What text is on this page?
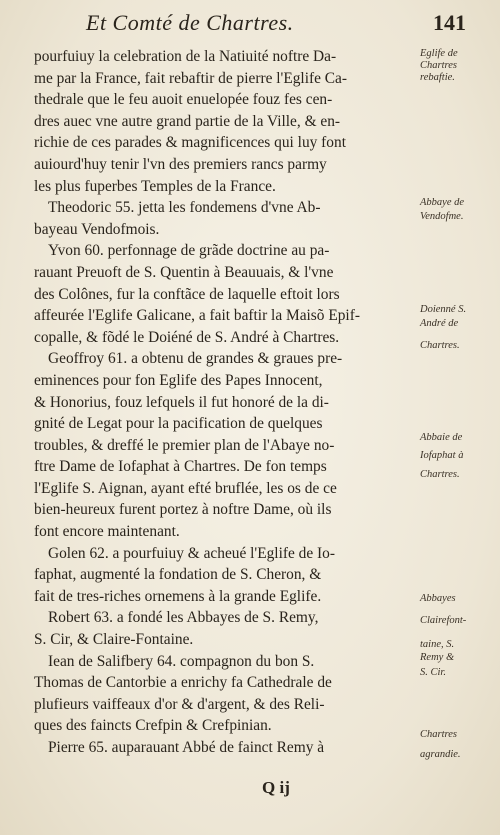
Et Comté de Chartres.	141
pourfuiuy la celebration de la Natiuité noftre Da-
me par la France, fait rebaftir de pierre l'Eglife Ca-
thedrale que le feu auoit enuelopée fouz fes cen-
dres auec vne autre grand partie de la Ville, & en-
richie de ces parades & magnificences qui luy font
auiourd'huy tenir l'vn des premiers rancs parmy
les plus fuperbes Temples de la France.
Theodoric 55. jetta les fondemens d'vne Ab-
bayeau Vendofmois.
Yvon 60. perfonnage de grãde doctrine au pa-
rauant Preuoft de S. Quentin à Beauuais, & l'vne
des Colônes, fur la conftãce de laquelle eftoit lors
affeurée l'Eglife Galicane, a fait baftir la Maisõ Epif-
copalle, & fõdé le Doiéné de S. André à Chartres.
Geoffroy 61. a obtenu de grandes & graues pre-
eminences pour fon Eglife des Papes Innocent,
& Honorius, fouz lefquels il fut honoré de la di-
gnité de Legat pour la pacification de quelques
troubles, & dreffé le premier plan de l'Abaye no-
ftre Dame de Iofaphat à Chartres. De fon temps
l'Eglife S. Aignan, ayant efté bruflée, les os de ce
bien-heureux furent portez à noftre Dame, où ils
font encore maintenant.
Golen 62. a pourfuiuy & acheué l'Eglife de Io-
faphat, augmenté la fondation de S. Cheron, &
fait de tres-riches ornemens à la grande Eglife.
Robert 63. a fondé les Abbayes de S. Remy,
S. Cir, & Claire-Fontaine.
Iean de Salifbery 64. compagnon du bon S.
Thomas de Cantorbie a enrichy fa Cathedrale de
plufieurs vaiffeaux d'or & d'argent, & des Reli-
ques des faincts Crefpin & Crefpinian.
Pierre 65. auparauant Abbé de fainct Remy à
Eglife de
Chartres
rebaftie.
Abbaye de
Vendofme.
Doienné S.
André de
Chartres.
Abbaie de
Iofaphat à
Chartres.
Abbayes
Clairefont-
taine, S.
Remy &
S. Cir.
Chartres
agrandie.
Q ij
